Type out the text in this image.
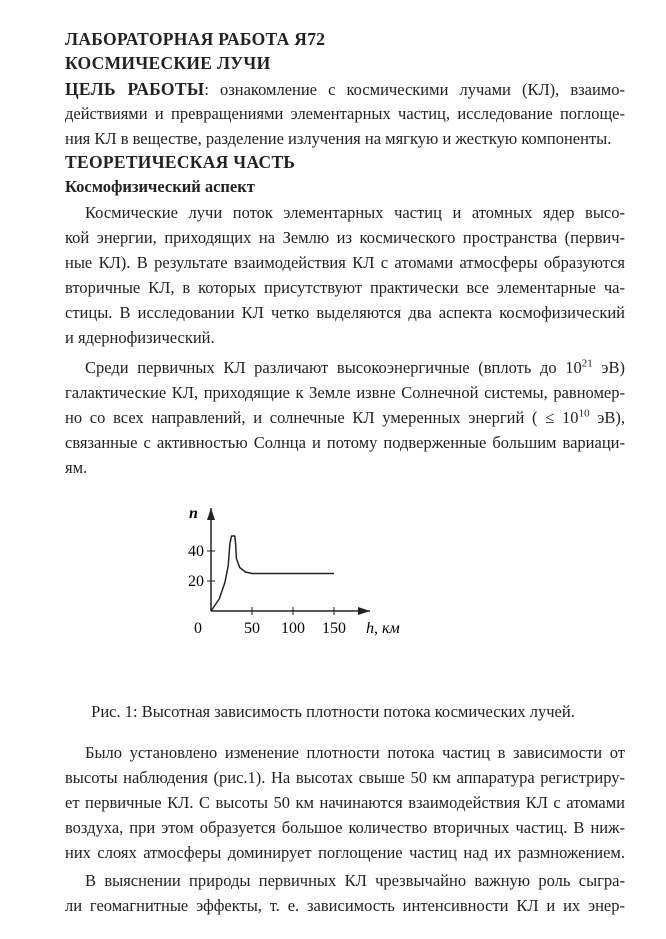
ЛАБОРАТОРНАЯ РАБОТА Я72
КОСМИЧЕСКИЕ ЛУЧИ
ЦЕЛЬ РАБОТЫ: ознакомление с космическими лучами (КЛ), взаимо-
действиями и превращениями элементарных частиц, исследование поглоще-
ния КЛ в веществе, разделение излучения на мягкую и жесткую компоненты.
ТЕОРЕТИЧЕСКАЯ ЧАСТЬ
Космофизический аспект
Космические лучи поток элементарных частиц и атомных ядер высо-
кой энергии, приходящих на Землю из космического пространства (первич-
ные КЛ). В результате взаимодействия КЛ с атомами атмосферы образуются
вторичные КЛ, в которых присутствуют практически все элементарные ча-
стицы. В исследовании КЛ четко выделяются два аспекта космофизический
и ядернофизический.
Среди первичных КЛ различают высокоэнергичные (вплоть до $10^{21}$ эВ)
галактические КЛ, приходящие к Земле извне Солнечной системы, равномер-
но со всех направлений, и солнечные КЛ умеренных энергий ( ≤ $10^{10}$ эВ),
связанные с активностью Солнца и потому подверженные большим вариаци-
ям.
0	50 100 150
20
40
n
h, км
Рис. 1: Высотная зависимость плотности потока космических лучей.
Было установлено изменение плотности потока частиц в зависимости от
высоты наблюдения (рис.1). На высотах свыше 50 км аппаратура регистриру-
ет первичные КЛ. С высоты 50 км начинаются взаимодействия КЛ с атомами
воздуха, при этом образуется большое количество вторичных частиц. В ниж-
них слоях атмосферы доминирует поглощение частиц над их размножением.
В выяснении природы первичных КЛ чрезвычайно важную роль сыгра-
ли геомагнитные эффекты, т. е. зависимость интенсивности КЛ и их энер-
